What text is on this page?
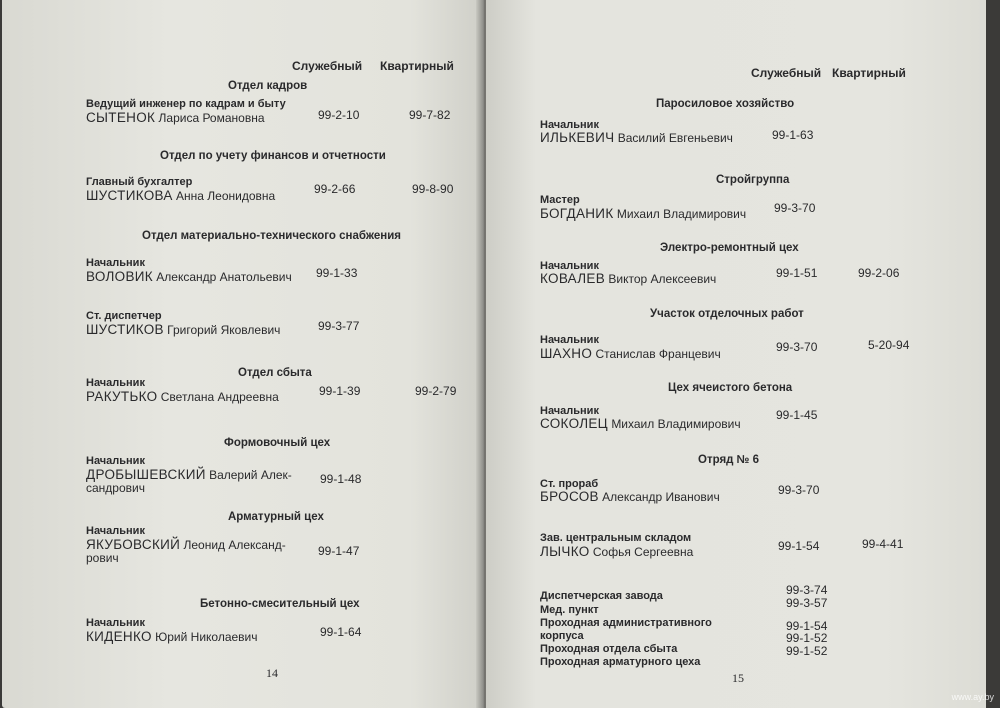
Служебный Квартирный
Отдел кадров
Ведущий инженер по кадрам и быту
СЫТЕНОК Лариса Романовна	99-2-10	99-7-82
Отдел по учету финансов и отчетности
Главный бухгалтер
ШУСТИКОВА Анна Леонидовна	99-2-66	99-8-90
Отдел материально-технического снабжения
Начальник
ВОЛОВИК Александр Анатольевич 99-1-33
Ст. диспетчер
ШУСТИКОВ Григорий Яковлевич	99-3-77
Отдел сбыта
Начальник
РАКУТЬКО Светлана Андреевна	99-1-39	99-2-79
Формовочный цех
Начальник
ДРОБЫШЕВСКИЙ Валерий Алек-
сандрович
99-1-48
Арматурный цех
Начальник
ЯКУБОВСКИЙ Леонид Александ-
рович	99-1-47
Бетонно-смесительный цех
Начальник
КИДЕНКО Юрий Николаевич	99-1-64
14
Служебный Квартирный
Паросиловое хозяйство
Начальник
ИЛЬКЕВИЧ Василий Евгеньевич	99-1-63
Стройгруппа
Мастер
БОГДАНИК Михаил Владимирович 99-3-70
Электро-ремонтный цех
Начальник
КОВАЛЕВ Виктор Алексеевич	99-1-51	99-2-06
Участок отделочных работ
Начальник
ШАХНО Станислав Францевич	99-3-70	5-20-94
Цех ячеистого бетона
Начальник
СОКОЛЕЦ Михаил Владимирович
99-1-45
Отряд № 6
Ст. прораб
БРОСОВ Александр Иванович	99-3-70
Зав. центральным складом
ЛЫЧКО Софья Сергеевна	99-1-54	99-4-41
Диспетчерская завода	99-3-74
Мед. пункт	99-3-57
Проходная административного
корпуса
99-1-54
Проходная отдела сбыта
99-1-52
Проходная арматурного цеха
99-1-52
15
www.ay.by
